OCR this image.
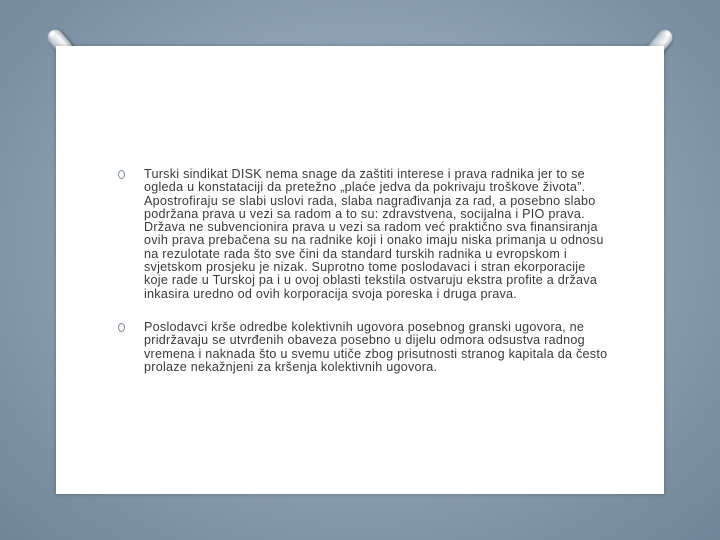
Turski sindikat DISK nema snage da zaštiti interese i prava radnika jer to se ogleda u konstataciji da pretežno „plaće jedva da pokrivaju troškove života”. Apostrofiraju se slabi uslovi rada, slaba nagrađivanja za rad, a posebno slabo podržana prava u vezi sa radom a to su: zdravstvena, socijalna i PIO prava. Država ne subvencionira prava u vezi sa radom već praktično sva finansiranja ovih prava prebačena su na radnike koji i onako imaju niska primanja u odnosu na rezulotate rada što sve čini da standard turskih radnika u evropskom i svjetskom prosjeku je nizak. Suprotno tome poslodavaci i stran ekorporacije koje rade u Turskoj pa i u ovoj oblasti tekstila ostvaruju ekstra profite a država inkasira uredno od ovih korporacija svoja poreska i druga prava.
Poslodavci krše odredbe kolektivnih ugovora posebnog granski ugovora, ne pridržavaju se utvrđenih obaveza posebno u dijelu odmora odsustva radnog vremena i naknada što u svemu utiče zbog prisutnosti stranog kapitala da često prolaze nekažnjeni za kršenja kolektivnih ugovora.
